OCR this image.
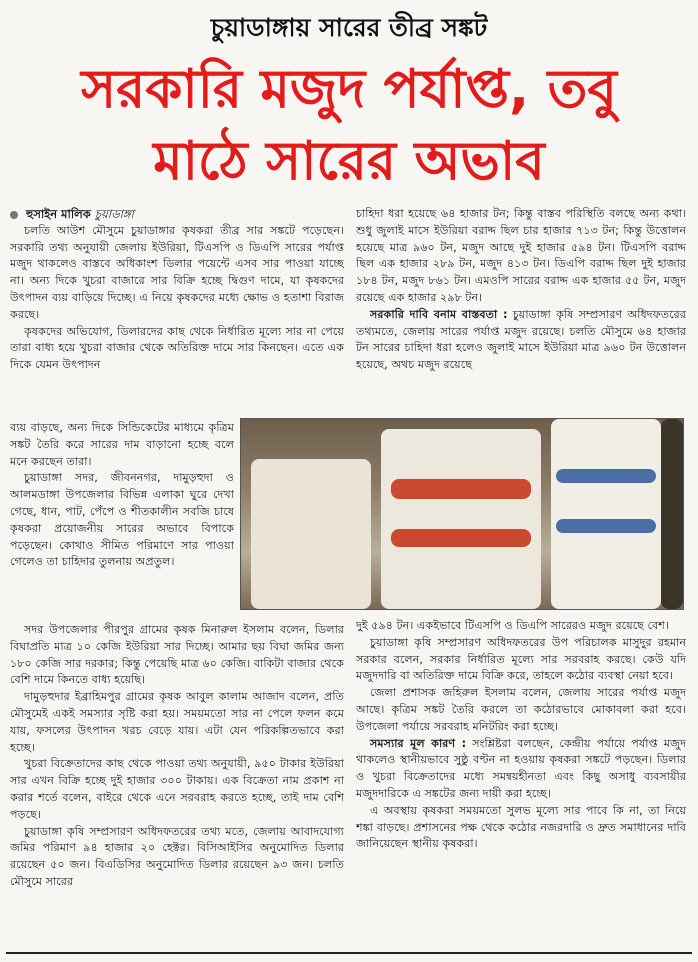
চুয়াডাঙ্গায় সারের তীব্র সঙ্কট
সরকারি মজুদ পর্যাপ্ত, তবু
মাঠে সারের অভাব

হুসাইন মালিক চুয়াডাঙ্গা

চলতি আউশ মৌসুমে চুয়াডাঙ্গার কৃষকরা তীব্র সার সঙ্কটে পড়েছেন। সরকারি তথ্য অনুযায়ী জেলায় ইউরিয়া, টিএসপি ও ডিএপি সারের পর্যাপ্ত মজুদ থাকলেও বাস্তবে অধিকাংশ ডিলার পয়েন্টে এসব সার পাওয়া যাচ্ছে না। অন্য দিকে খুচরা বাজারে সার বিক্রি হচ্ছে দ্বিগুণ দামে, যা কৃষকদের উৎপাদন ব্যয় বাড়িয়ে দিচ্ছে। এ নিয়ে কৃষকদের মধ্যে ক্ষোভ ও হতাশা বিরাজ করছে।

কৃষকদের অভিযোগ, ডিলারদের কাছ থেকে নির্ধারিত মূল্যে সার না পেয়ে তারা বাধ্য হয়ে খুচরা বাজার থেকে অতিরিক্ত দামে সার কিনছেন। এতে এক দিকে যেমন উৎপাদন

ব্যয় বাড়ছে, অন্য দিকে সিন্ডিকেটের মাধ্যমে কৃত্রিম সঙ্কট তৈরি করে সারের দাম বাড়ানো হচ্ছে বলে মনে করছেন তারা।

চুয়াডাঙ্গা সদর, জীবননগর, দামুড়হুদা ও আলমডাঙ্গা উপজেলার বিভিন্ন এলাকা ঘুরে দেখা গেছে, ধান, পাট, পেঁপে ও শীতকালীন সবজি চাষে কৃষকরা প্রয়োজনীয় সারের অভাবে বিপাকে পড়েছেন। কোথাও সীমিত পরিমাণে সার পাওয়া গেলেও তা চাহিদার তুলনায় অপ্রতুল।

সদর উপজেলার পীরপুর গ্রামের কৃষক মিনারুল ইসলাম বলেন, ডিলার বিঘাপ্রতি মাত্র ১০ কেজি ইউরিয়া সার দিচ্ছে। আমার ছয় বিঘা জমির জন্য ১৮০ কেজি সার দরকার; কিন্তু পেয়েছি মাত্র ৬০ কেজি। বাকিটা বাজার থেকে বেশি দামে কিনতে বাধ্য হয়েছি।

দামুড়হুদার ইব্রাহিমপুর গ্রামের কৃষক আবুল কালাম আজাদ বলেন, প্রতি মৌসুমেই একই সমস্যার সৃষ্টি করা হয়। সময়মতো সার না পেলে ফলন কমে যায়, ফসলের উৎপাদন খরচ বেড়ে যায়। এটা যেন পরিকল্পিতভাবে করা হচ্ছে।

খুচরা বিক্রেতাদের কাছ থেকে পাওয়া তথ্য অনুযায়ী, ৯৫০ টাকার ইউরিয়া সার এখন বিক্রি হচ্ছে দুই হাজার ৩০০ টাকায়। এক বিক্রেতা নাম প্রকাশ না করার শর্তে বলেন, বাইরে থেকে এনে সরবরাহ করতে হচ্ছে, তাই দাম বেশি পড়ছে।

চুয়াডাঙ্গা কৃষি সম্প্রসারণ অধিদফতরের তথ্য মতে, জেলায় আবাদযোগ্য জমির পরিমাণ ৯৪ হাজার ২০ হেক্টর। বিসিআইসির অনুমোদিত ডিলার রয়েছেন ৫০ জন। বিএডিসির অনুমোদিত ডিলার রয়েছেন ৯৩ জন। চলতি মৌসুমে সারের

চাহিদা ধরা হয়েছে ৬৪ হাজার টন; কিন্তু বাস্তব পরিস্থিতি বলছে অন্য কথা। শুধু জুলাই মাসে ইউরিয়া বরাদ্দ ছিল চার হাজার ৭১৩ টন; কিন্তু উত্তোলন হয়েছে মাত্র ৯৬০ টন, মজুদ আছে দুই হাজার ৫৯৪ টন। টিএসপি বরাদ্দ ছিল এক হাজার ২৮৯ টন, মজুদ ৪১৩ টন। ডিএপি বরাদ্দ ছিল দুই হাজার ১৮৪ টন, মজুদ ৮৬১ টন। এমওপি সারের বরাদ্দ এক হাজার ৫৫ টন, মজুদ রয়েছে এক হাজার ২৯৮ টন।

সরকারি দাবি বনাম বাস্তবতা : চুয়াডাঙ্গা কৃষি সম্প্রসারণ অধিদফতরের তথ্যমতে, জেলায় সারের পর্যাপ্ত মজুদ রয়েছে। চলতি মৌসুমে ৬৪ হাজার টন সারের চাহিদা ধরা হলেও জুলাই মাসে ইউরিয়া মাত্র ৯৬০ টন উত্তোলন হয়েছে, অথচ মজুদ রয়েছে

দুই ৫৯৪ টন। একইভাবে টিএসপি ও ডিএপি সারেরও মজুদ রয়েছে বেশ।

চুয়াডাঙ্গা কৃষি সম্প্রসারণ অধিদফতরের উপ পরিচালক মাসুদুর রহমান সরকার বলেন, সরকার নির্ধারিত মূল্যে সার সরবরাহ করছে। কেউ যদি মজুদদারি বা অতিরিক্ত দামে বিক্রি করে, তাহলে কঠোর ব্যবস্থা নেয়া হবে।

জেলা প্রশাসক জহিরুল ইসলাম বলেন, জেলায় সারের পর্যাপ্ত মজুদ আছে। কৃত্রিম সঙ্কট তৈরি করলে তা কঠোরভাবে মোকাবলা করা হবে। উপজেলা পর্যায়ে সরবরাহ মনিটরিং করা হচ্ছে।

সমস্যার মূল কারণ : সংশ্লিষ্টরা বলছেন, কেন্দ্রীয় পর্যায়ে পর্যাপ্ত মজুদ থাকলেও স্থানীয়ভাবে সুষ্ঠু বণ্টন না হওয়ায় কৃষকরা সঙ্কটে পড়ছেন। ডিলার ও খুচরা বিক্রেতাদের মধ্যে সমন্বয়হীনতা এবং কিছু অসাধু ব্যবসায়ীর মজুদদারিকে এ সঙ্কটের জন্য দায়ী করা হচ্ছে।

এ অবস্থায় কৃষকরা সময়মতো সুলভ মূল্যে সার পাবে কি না, তা নিয়ে শঙ্কা বাড়ছে। প্রশাসনের পক্ষ থেকে কঠোর নজরদারি ও দ্রুত সমাধানের দাবি জানিয়েছেন স্থানীয় কৃষকরা।
